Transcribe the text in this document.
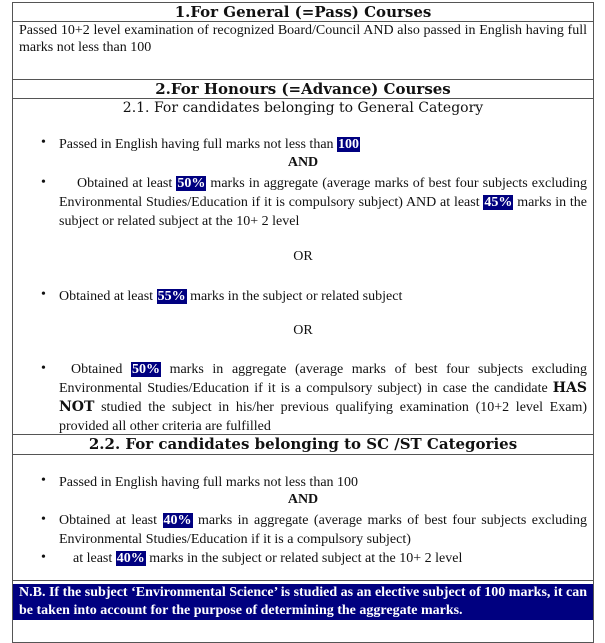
1.For General (=Pass) Courses
Passed 10+2 level examination of recognized Board/Council AND also passed in English having full marks not less than 100
2.For Honours (=Advance) Courses
2.1. For candidates belonging to General Category
• Passed in English having full marks not less than 100
AND
•	Obtained at least 50% marks in aggregate (average marks of best four subjects excluding Environmental Studies/Education if it is compulsory subject) AND at least 45% marks in the subject or related subject at the 10+ 2 level
OR
• Obtained at least 55% marks in the subject or related subject
OR
•	Obtained 50% marks in aggregate (average marks of best four subjects excluding Environmental Studies/Education if it is a compulsory subject) in case the candidate HAS NOT studied the subject in his/her previous qualifying examination (10+2 level Exam) provided all other criteria are fulfilled
2.2. For candidates belonging to SC /ST Categories
• Passed in English having full marks not less than 100
AND
• Obtained at least 40% marks in aggregate (average marks of best four subjects excluding Environmental Studies/Education if it is a compulsory subject)
• at least 40% marks in the subject or related subject at the 10+ 2 level
N.B. If the subject ‘Environmental Science’ is studied as an elective subject of 100 marks, it can be taken into account for the purpose of determining the aggregate marks.
